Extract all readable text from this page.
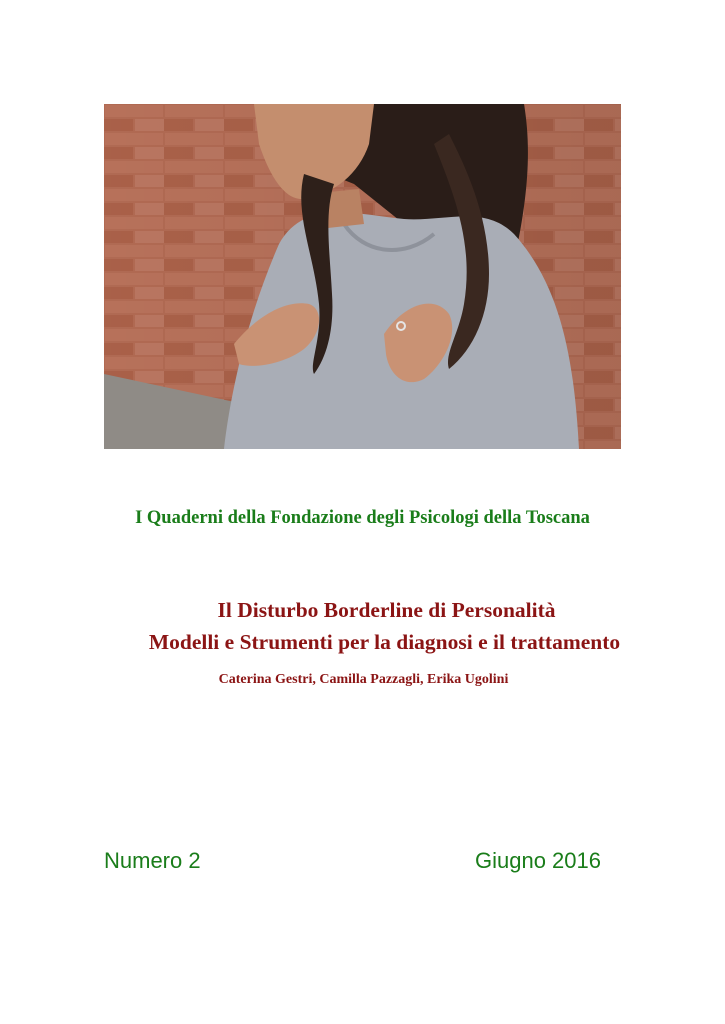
I Quaderni della Fondazione degli Psicologi della Toscana
Il Disturbo Borderline di Personalità
Modelli e Strumenti per la diagnosi e il trattamento
Caterina Gestri, Camilla Pazzagli, Erika Ugolini
Numero 2	Giugno 2016
